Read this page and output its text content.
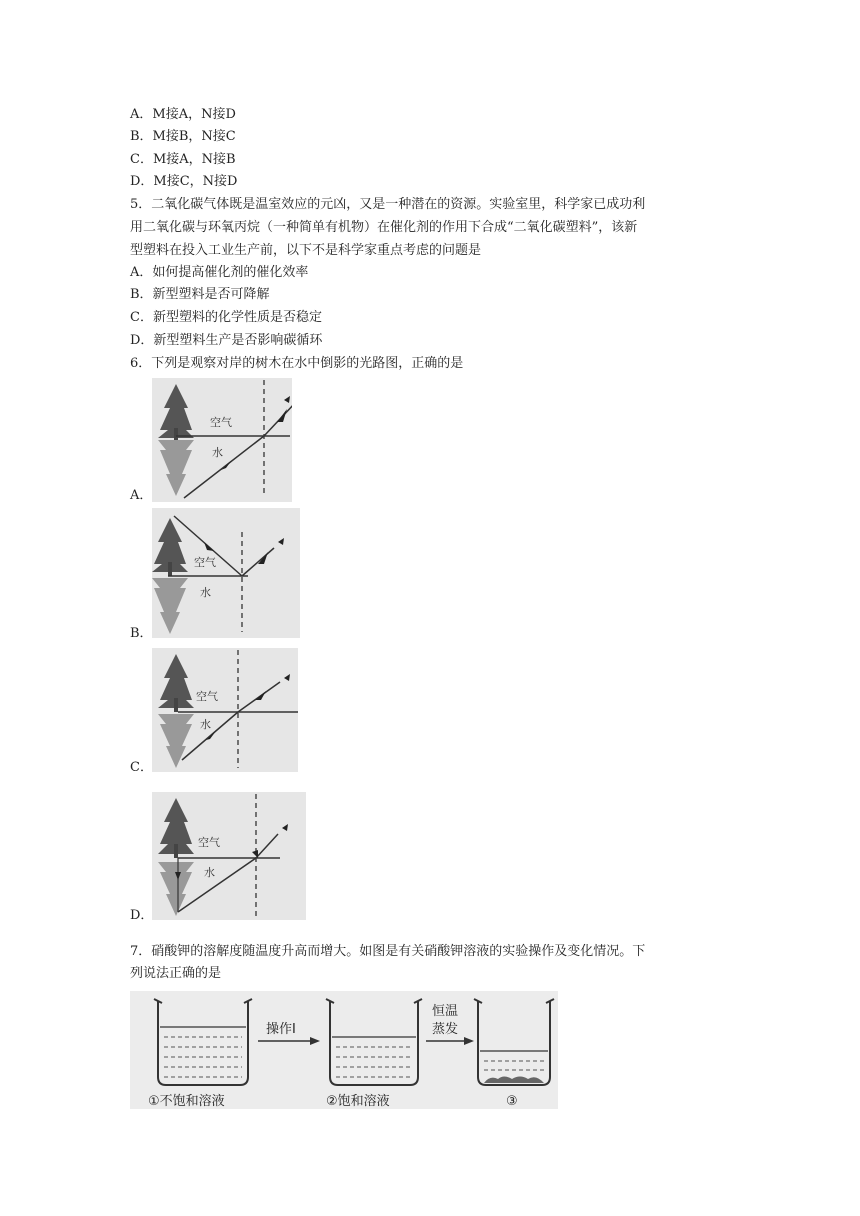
A．M接A，N接D
B．M接B，N接C
C．M接A，N接B
D．M接C，N接D
5．二氧化碳气体既是温室效应的元凶，又是一种潜在的资源。实验室里，科学家已成功利
用二氧化碳与环氧丙烷（一种简单有机物）在催化剂的作用下合成“二氧化碳塑料”，该新
型塑料在投入工业生产前，以下不是科学家重点考虑的问题是
A．如何提高催化剂的催化效率
B．新型塑料是否可降解
C．新型塑料的化学性质是否稳定
D．新型塑料生产是否影响碳循环
6．下列是观察对岸的树木在水中倒影的光路图，正确的是
空气
水
A．
空气
水
B．
空气
水
C．
空气
水
D．
7．硝酸钾的溶解度随温度升高而增大。如图是有关硝酸钾溶液的实验操作及变化情况。下
列说法正确的是
操作Ⅰ
恒温
蒸发
①不饱和溶液	②饱和溶液	③
